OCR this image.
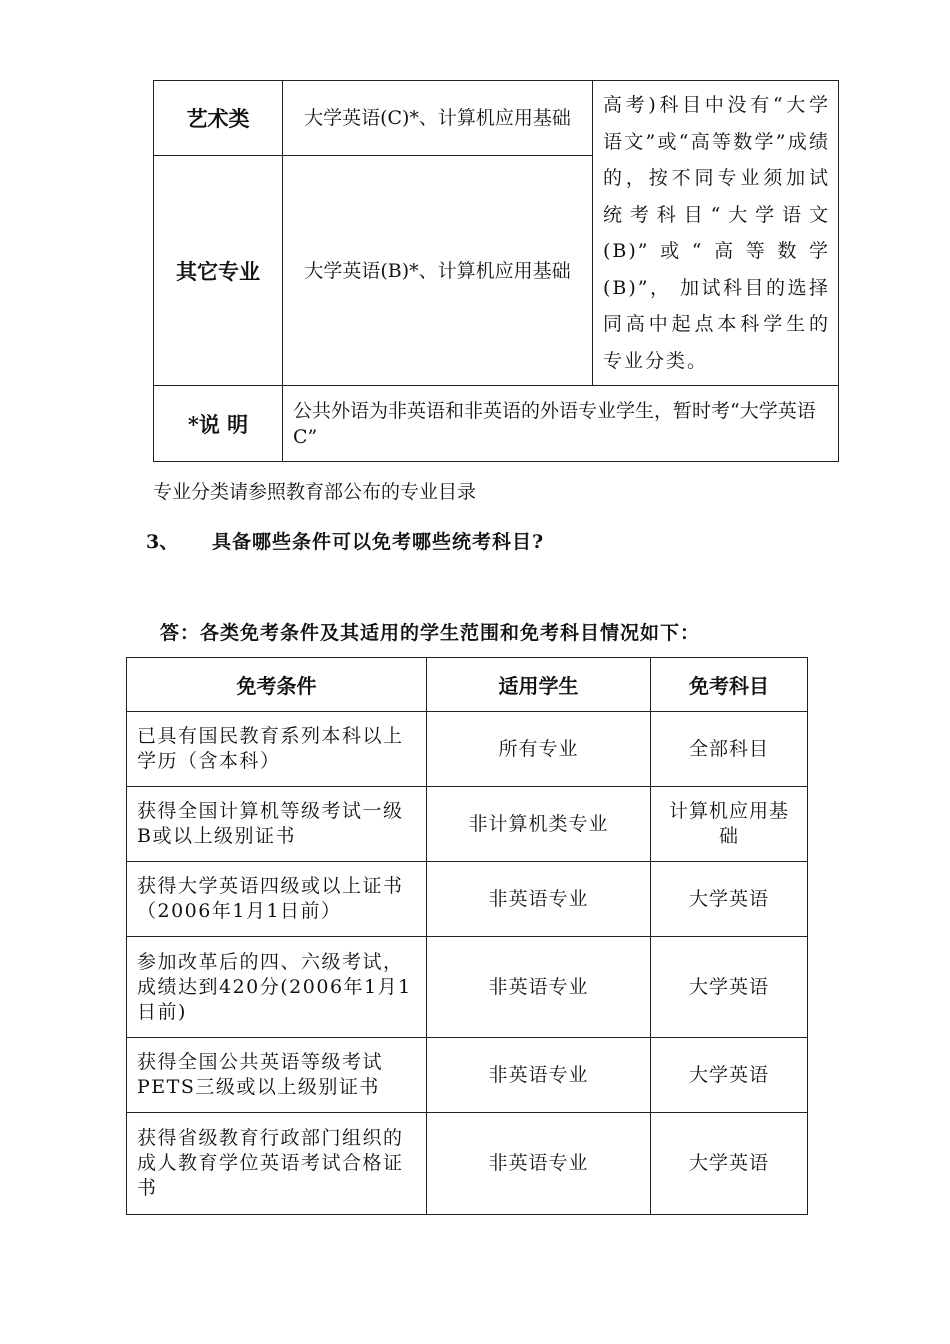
艺术类	大学英语(C)*、计算机应用基础	高考)科目中没有“大学语文”或“高等数学”成绩的，按不同专业须加试统考科目“大学语文(B)”或“高等数学(B)”， 加试科目的选择同高中起点本科学生的专业分类。
其它专业	大学英语(B)*、计算机应用基础	
*说 明	公共外语为非英语和非英语的外语专业学生，暂时考“大学英语C”	
专业分类请参照教育部公布的专业目录
3、 具备哪些条件可以免考哪些统考科目?
答：各类免考条件及其适用的学生范围和免考科目情况如下：
免考条件	适用学生	免考科目
已具有国民教育系列本科以上学历（含本科）	所有专业	全部科目
获得全国计算机等级考试一级B或以上级别证书	非计算机类专业	计算机应用基础
获得大学英语四级或以上证书（2006年1月1日前）	非英语专业	大学英语
参加改革后的四、六级考试，成绩达到420分(2006年1月1日前)	非英语专业	大学英语
获得全国公共英语等级考试PETS三级或以上级别证书	非英语专业	大学英语
获得省级教育行政部门组织的成人教育学位英语考试合格证书	非英语专业	大学英语
